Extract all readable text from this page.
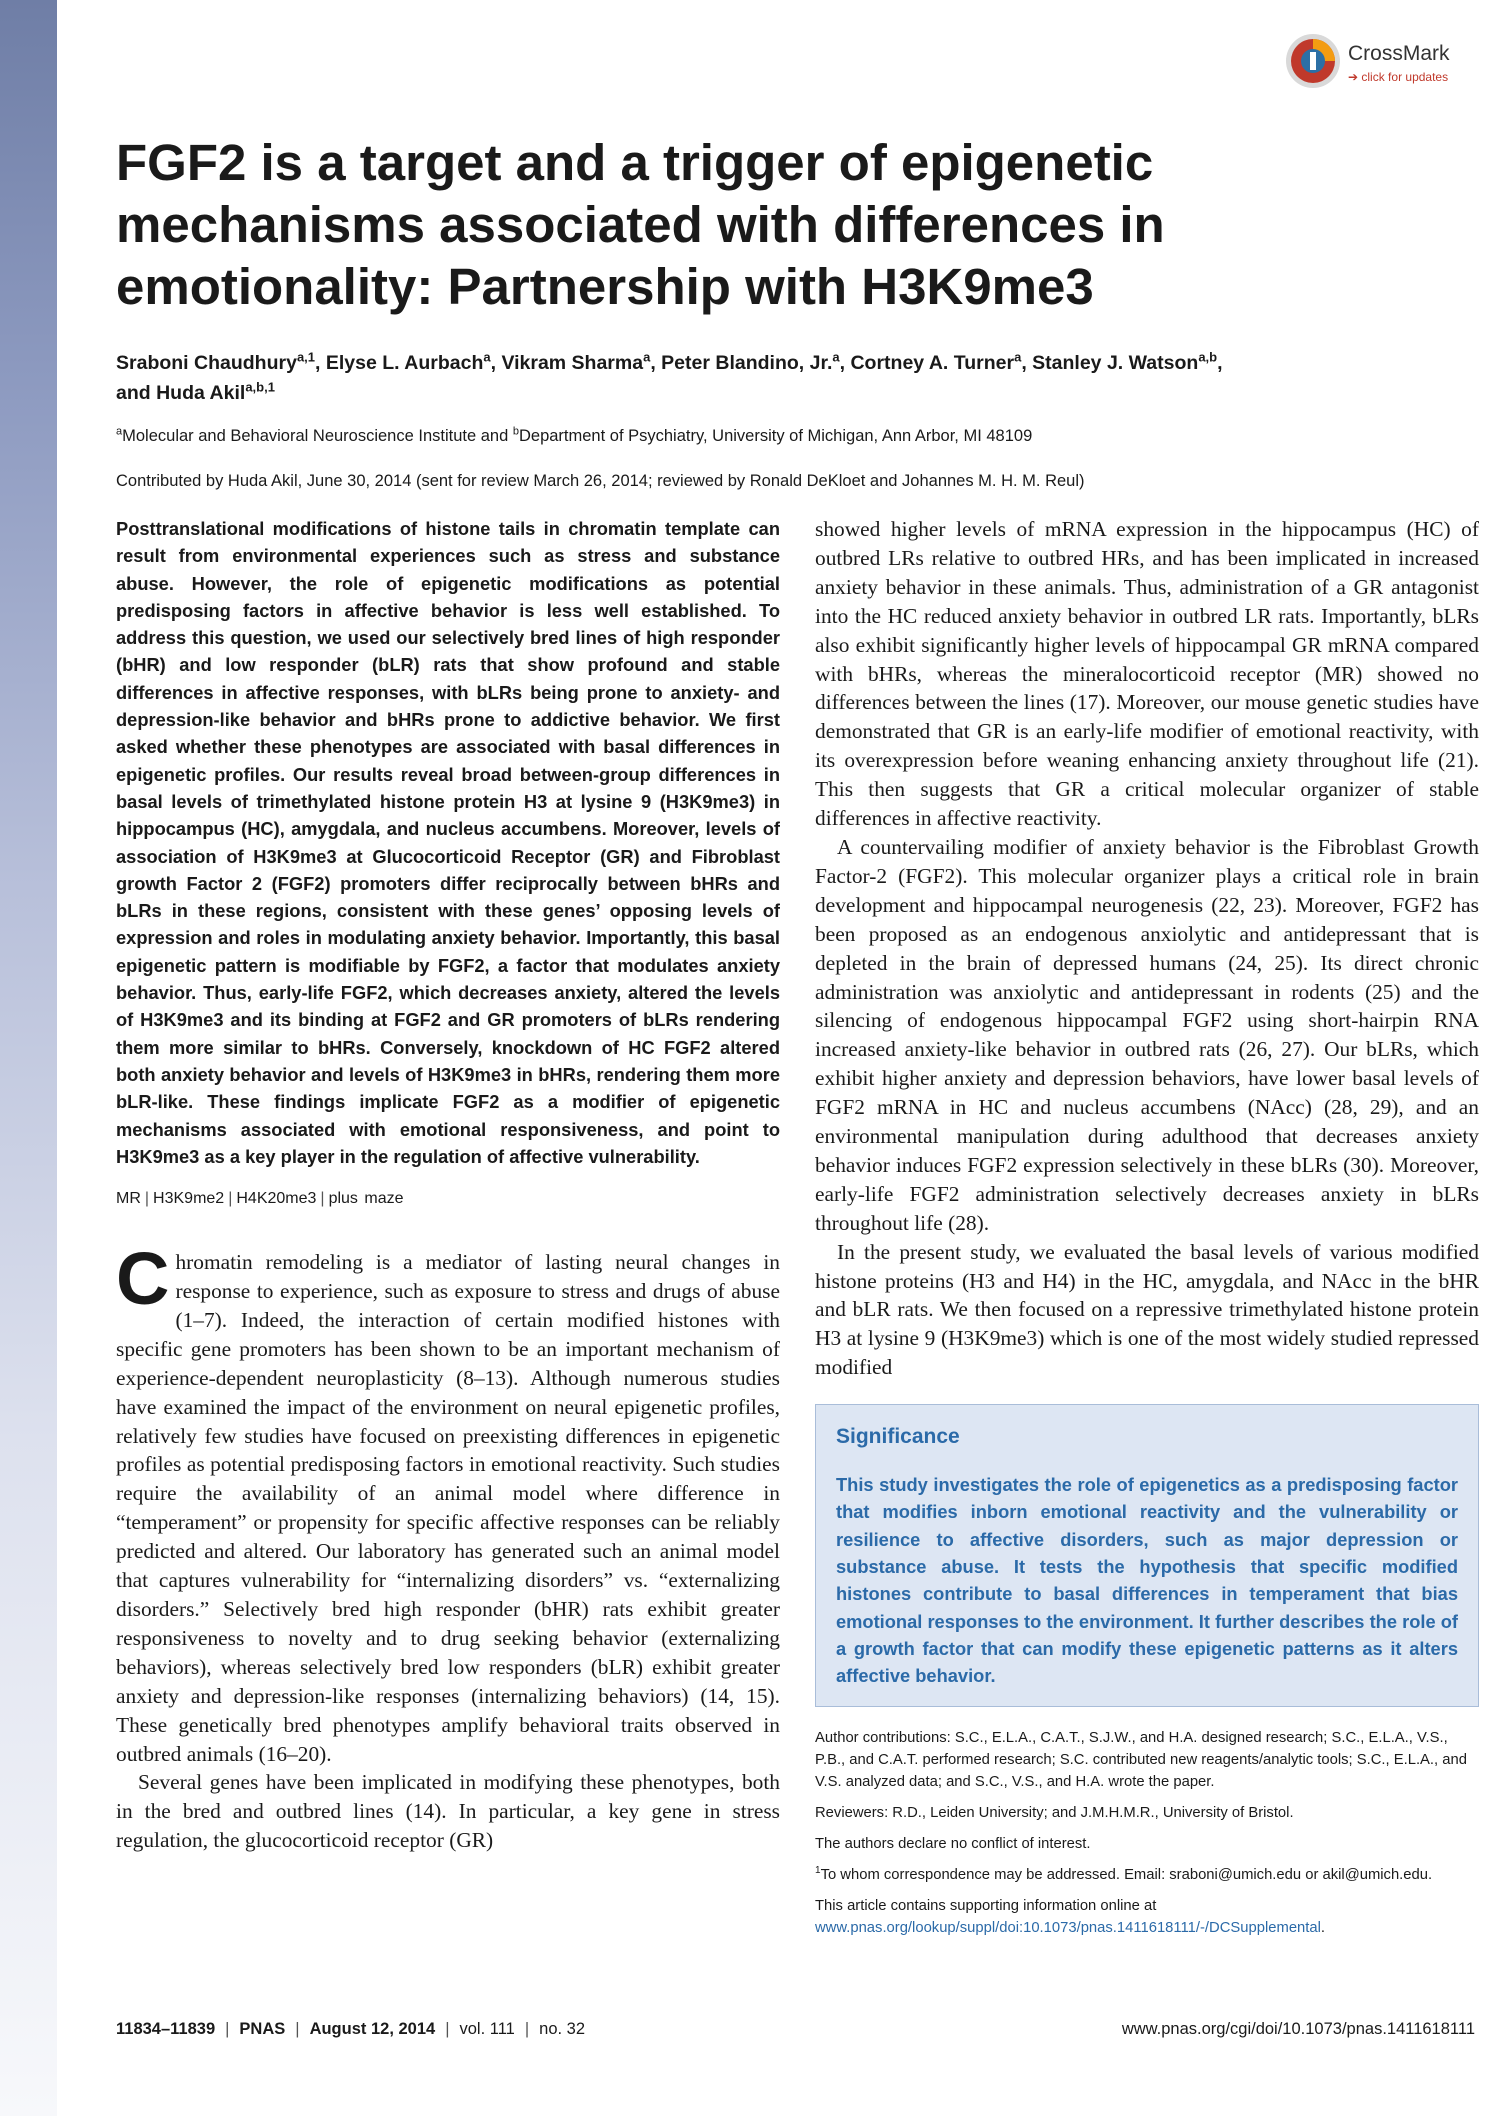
PNAS	CrossMark
➔ click for updates
FGF2 is a target and a trigger of epigenetic mechanisms associated with differences in emotionality: Partnership with H3K9me3
Sraboni Chaudhury$^{a,1}$, Elyse L. Aurbach$^a$, Vikram Sharma$^a$, Peter Blandino, Jr.$^a$, Cortney A. Turner$^a$, Stanley J. Watson$^{a,b}$,
and Huda Akil$^{a,b,1}$
$^a$Molecular and Behavioral Neuroscience Institute and $^b$Department of Psychiatry, University of Michigan, Ann Arbor, MI 48109
Contributed by Huda Akil, June 30, 2014 (sent for review March 26, 2014; reviewed by Ronald DeKloet and Johannes M. H. M. Reul)

Posttranslational modifications of histone tails in chromatin template can result from environmental experiences such as stress and substance abuse. However, the role of epigenetic modifications as potential predisposing factors in affective behavior is less well established. To address this question, we used our selectively bred lines of high responder (bHR) and low responder (bLR) rats that show profound and stable differences in affective responses, with bLRs being prone to anxiety- and depression-like behavior and bHRs prone to addictive behavior. We first asked whether these phenotypes are associated with basal differences in epigenetic profiles. Our results reveal broad between-group differences in basal levels of trimethylated histone protein H3 at lysine 9 (H3K9me3) in hippocampus (HC), amygdala, and nucleus accumbens. Moreover, levels of association of H3K9me3 at Glucocorticoid Receptor (GR) and Fibroblast growth Factor 2 (FGF2) promoters differ reciprocally between bHRs and bLRs in these regions, consistent with these genes’ opposing levels of expression and roles in modulating anxiety behavior. Importantly, this basal epigenetic pattern is modifiable by FGF2, a factor that modulates anxiety behavior. Thus, early-life FGF2, which decreases anxiety, altered the levels of H3K9me3 and its binding at FGF2 and GR promoters of bLRs rendering them more similar to bHRs. Conversely, knockdown of HC FGF2 altered both anxiety behavior and levels of H3K9me3 in bHRs, rendering them more bLR-like. These findings implicate FGF2 as a modifier of epigenetic mechanisms associated with emotional responsiveness, and point to H3K9me3 as a key player in the regulation of affective vulnerability.

MR | H3K9me2 | H4K20me3 | plus maze

Chromatin remodeling is a mediator of lasting neural changes in response to experience, such as exposure to stress and drugs of abuse (1–7). Indeed, the interaction of certain modified histones with specific gene promoters has been shown to be an important mechanism of experience-dependent neuroplasticity (8–13). Although numerous studies have examined the impact of the environment on neural epigenetic profiles, relatively few studies have focused on preexisting differences in epigenetic profiles as potential predisposing factors in emotional reactivity. Such studies require the availability of an animal model where difference in “temperament” or propensity for specific affective responses can be reliably predicted and altered. Our laboratory has generated such an animal model that captures vulnerability for “internalizing disorders” vs. “externalizing disorders.” Selectively bred high responder (bHR) rats exhibit greater responsiveness to novelty and to drug seeking behavior (externalizing behaviors), whereas selectively bred low responders (bLR) exhibit greater anxiety and depression-like responses (internalizing behaviors) (14, 15). These genetically bred phenotypes amplify behavioral traits observed in outbred animals (16–20).

Several genes have been implicated in modifying these phenotypes, both in the bred and outbred lines (14). In particular, a key gene in stress regulation, the glucocorticoid receptor (GR)

showed higher levels of mRNA expression in the hippocampus (HC) of outbred LRs relative to outbred HRs, and has been implicated in increased anxiety behavior in these animals. Thus, administration of a GR antagonist into the HC reduced anxiety behavior in outbred LR rats. Importantly, bLRs also exhibit significantly higher levels of hippocampal GR mRNA compared with bHRs, whereas the mineralocorticoid receptor (MR) showed no differences between the lines (17). Moreover, our mouse genetic studies have demonstrated that GR is an early-life modifier of emotional reactivity, with its overexpression before weaning enhancing anxiety throughout life (21). This then suggests that GR a critical molecular organizer of stable differences in affective reactivity.

A countervailing modifier of anxiety behavior is the Fibroblast Growth Factor-2 (FGF2). This molecular organizer plays a critical role in brain development and hippocampal neurogenesis (22, 23). Moreover, FGF2 has been proposed as an endogenous anxiolytic and antidepressant that is depleted in the brain of depressed humans (24, 25). Its direct chronic administration was anxiolytic and antidepressant in rodents (25) and the silencing of endogenous hippocampal FGF2 using short-hairpin RNA increased anxiety-like behavior in outbred rats (26, 27). Our bLRs, which exhibit higher anxiety and depression behaviors, have lower basal levels of FGF2 mRNA in HC and nucleus accumbens (NAcc) (28, 29), and an environmental manipulation during adulthood that decreases anxiety behavior induces FGF2 expression selectively in these bLRs (30). Moreover, early-life FGF2 administration selectively decreases anxiety in bLRs throughout life (28).

In the present study, we evaluated the basal levels of various modified histone proteins (H3 and H4) in the HC, amygdala, and NAcc in the bHR and bLR rats. We then focused on a repressive trimethylated histone protein H3 at lysine 9 (H3K9me3) which is one of the most widely studied repressed modified

Significance

This study investigates the role of epigenetics as a predisposing factor that modifies inborn emotional reactivity and the vulnerability or resilience to affective disorders, such as major depression or substance abuse. It tests the hypothesis that specific modified histones contribute to basal differences in temperament that bias emotional responses to the environment. It further describes the role of a growth factor that can modify these epigenetic patterns as it alters affective behavior.

Author contributions: S.C., E.L.A., C.A.T., S.J.W., and H.A. designed research; S.C., E.L.A., V.S., P.B., and C.A.T. performed research; S.C. contributed new reagents/analytic tools; S.C., E.L.A., and V.S. analyzed data; and S.C., V.S., and H.A. wrote the paper.

Reviewers: R.D., Leiden University; and J.M.H.M.R., University of Bristol.

The authors declare no conflict of interest.

$^1$To whom correspondence may be addressed. Email: sraboni@umich.edu or akil@umich.edu.

This article contains supporting information online at www.pnas.org/lookup/suppl/doi:10.1073/pnas.1411618111/-/DCSupplemental.

11834–11839 | PNAS | August 12, 2014 | vol. 111 | no. 32	www.pnas.org/cgi/doi/10.1073/pnas.1411618111
